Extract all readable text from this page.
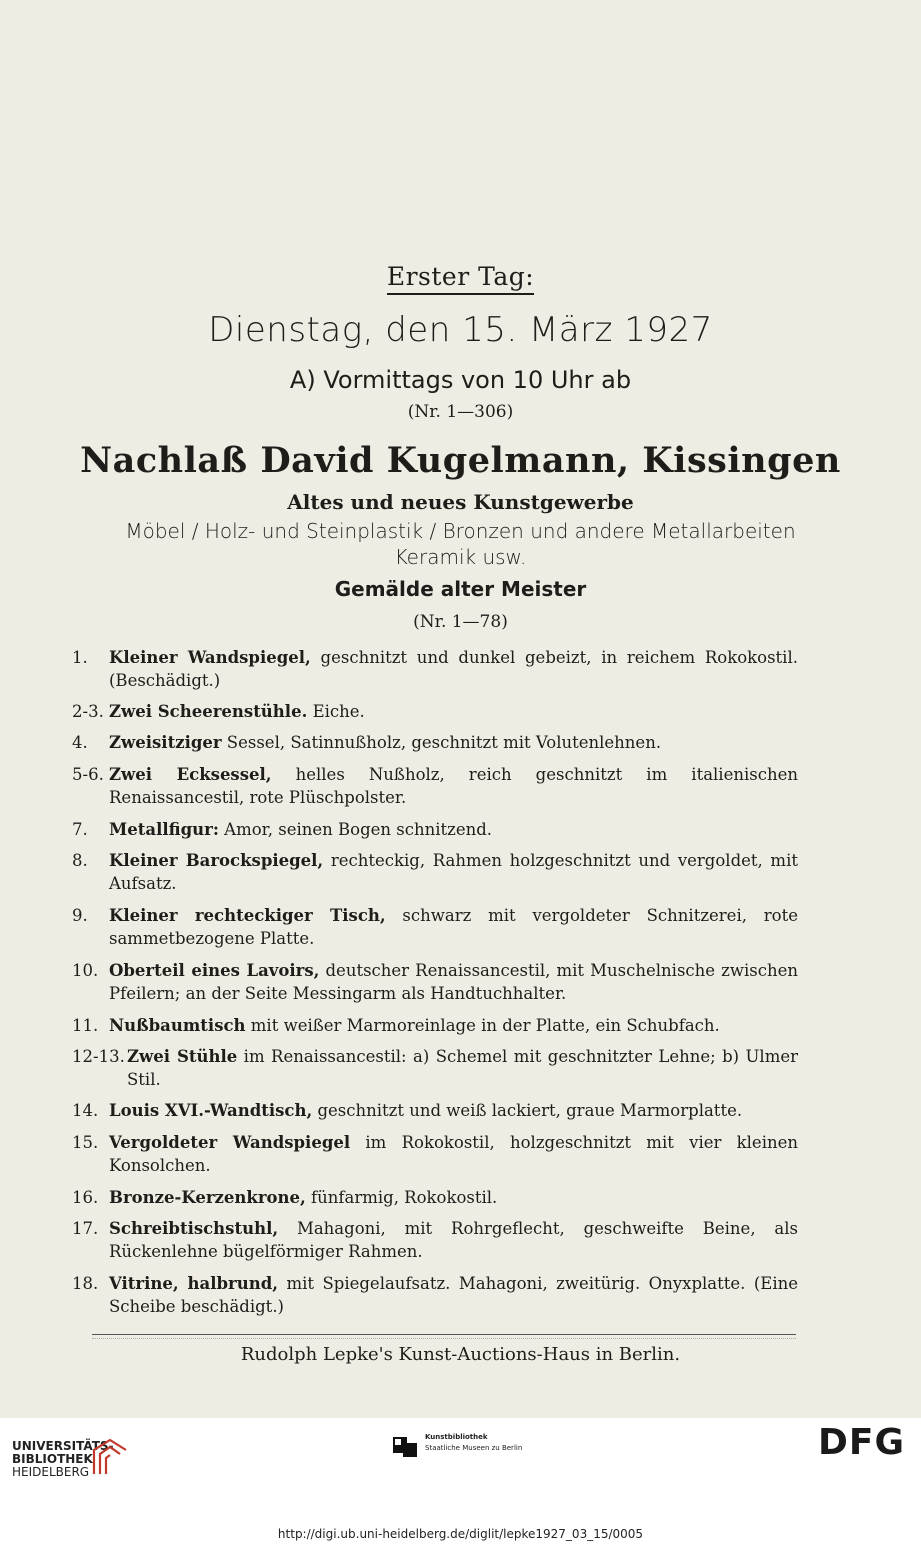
Erster Tag:
Dienstag, den 15. März 1927
A) Vormittags von 10 Uhr ab
(Nr. 1—306)
Nachlaß David Kugelmann, Kissingen
Altes und neues Kunstgewerbe
Möbel / Holz- und Steinplastik / Bronzen und andere Metallarbeiten
Keramik usw.
Gemälde alter Meister
(Nr. 1—78)
1. Kleiner Wandspiegel, geschnitzt und dunkel gebeizt, in reichem Rokokostil. (Beschädigt.)
2-3. Zwei Scheerenstühle. Eiche.
4. Zweisitziger Sessel, Satinnußholz, geschnitzt mit Volutenlehnen.
5-6. Zwei Ecksessel, helles Nußholz, reich geschnitzt im italienischen Renaissancestil, rote Plüschpolster.
7. Metallfigur: Amor, seinen Bogen schnitzend.
8. Kleiner Barockspiegel, rechteckig, Rahmen holzgeschnitzt und vergoldet, mit Aufsatz.
9. Kleiner rechteckiger Tisch, schwarz mit vergoldeter Schnitzerei, rote sammetbezogene Platte.
10. Oberteil eines Lavoirs, deutscher Renaissancestil, mit Muschelnische zwischen Pfeilern; an der Seite Messingarm als Handtuchhalter.
11. Nußbaumtisch mit weißer Marmoreinlage in der Platte, ein Schubfach.
12-13. Zwei Stühle im Renaissancestil: a) Schemel mit geschnitzter Lehne; b) Ulmer Stil.
14. Louis XVI.-Wandtisch, geschnitzt und weiß lackiert, graue Marmorplatte.
15. Vergoldeter Wandspiegel im Rokokostil, holzgeschnitzt mit vier kleinen Konsolchen.
16. Bronze-Kerzenkrone, fünfarmig, Rokokostil.
17. Schreibtischstuhl, Mahagoni, mit Rohrgeflecht, geschweifte Beine, als Rückenlehne bügelförmiger Rahmen.
18. Vitrine, halbrund, mit Spiegelaufsatz. Mahagoni, zweitürig. Onyxplatte. (Eine Scheibe beschädigt.)
Rudolph Lepke's Kunst-Auctions-Haus in Berlin.
UNIVERSITÄTS-
BIBLIOTHEK
HEIDELBERG
Kunstbibliothek
Staatliche Museen zu Berlin	DFG
http://digi.ub.uni-heidelberg.de/diglit/lepke1927_03_15/0005
